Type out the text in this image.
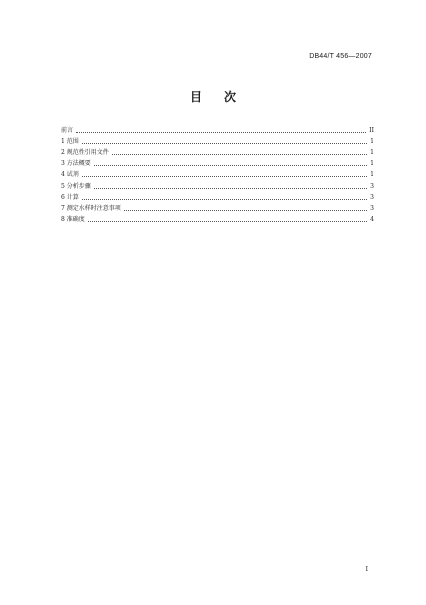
DB44/T 456—2007
目次
前言	II
1 范围	1
2 规范性引用文件	1
3 方法概要	1
4 试剂	1
5 分析步骤	3
6 计算	3
7 测定水样时注意事项	3
8 准确度	4
I
